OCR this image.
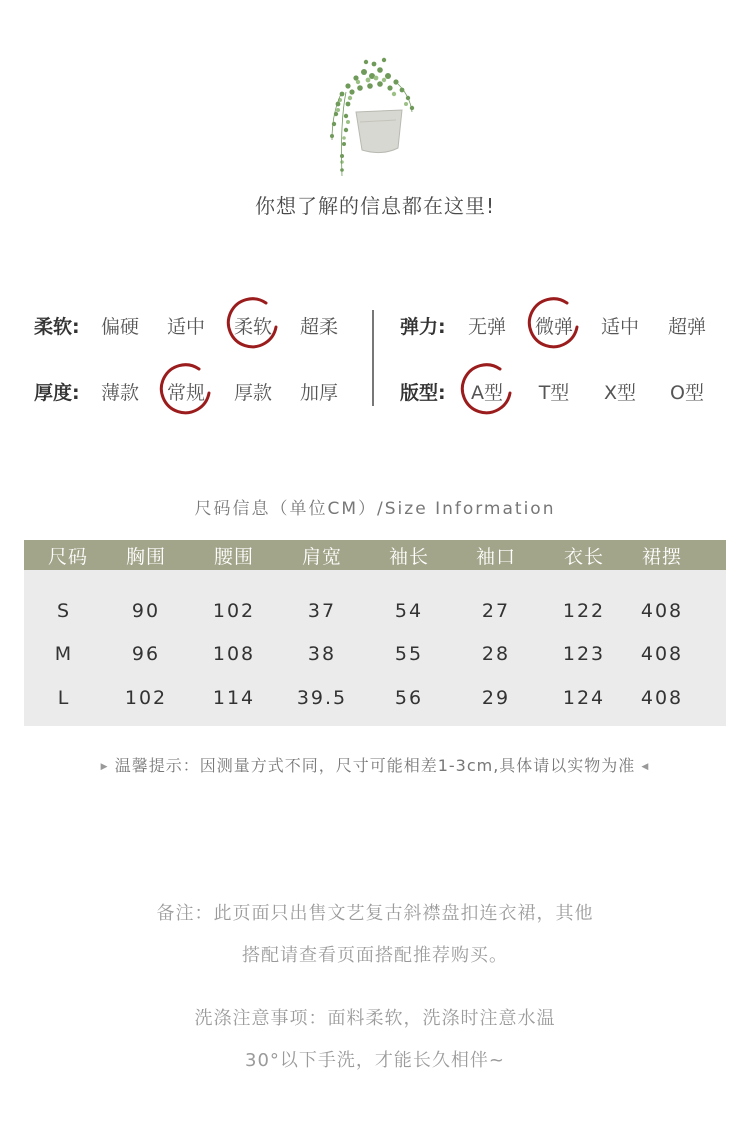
你想了解的信息都在这里!
柔软:	偏硬	适中	柔软	超柔
厚度:	薄款	常规	厚款	加厚
弹力:	无弹	微弹	适中	超弹
版型:	A型	T型	X型	O型
尺码信息（单位CM）/Size Information
尺码	胸围	腰围	肩宽	袖长	袖口	衣长	裙摆
S	90	102	37	54	27	122	408
M	96	108	38	55	28	123	408
L	102	114	39.5	56	29	124	408
▶ 温馨提示：因测量方式不同，尺寸可能相差1-3cm,具体请以实物为准 ◀
备注：此页面只出售文艺复古斜襟盘扣连衣裙，其他
搭配请查看页面搭配推荐购买。
洗涤注意事项：面料柔软，洗涤时注意水温
30°以下手洗，才能长久相伴~
